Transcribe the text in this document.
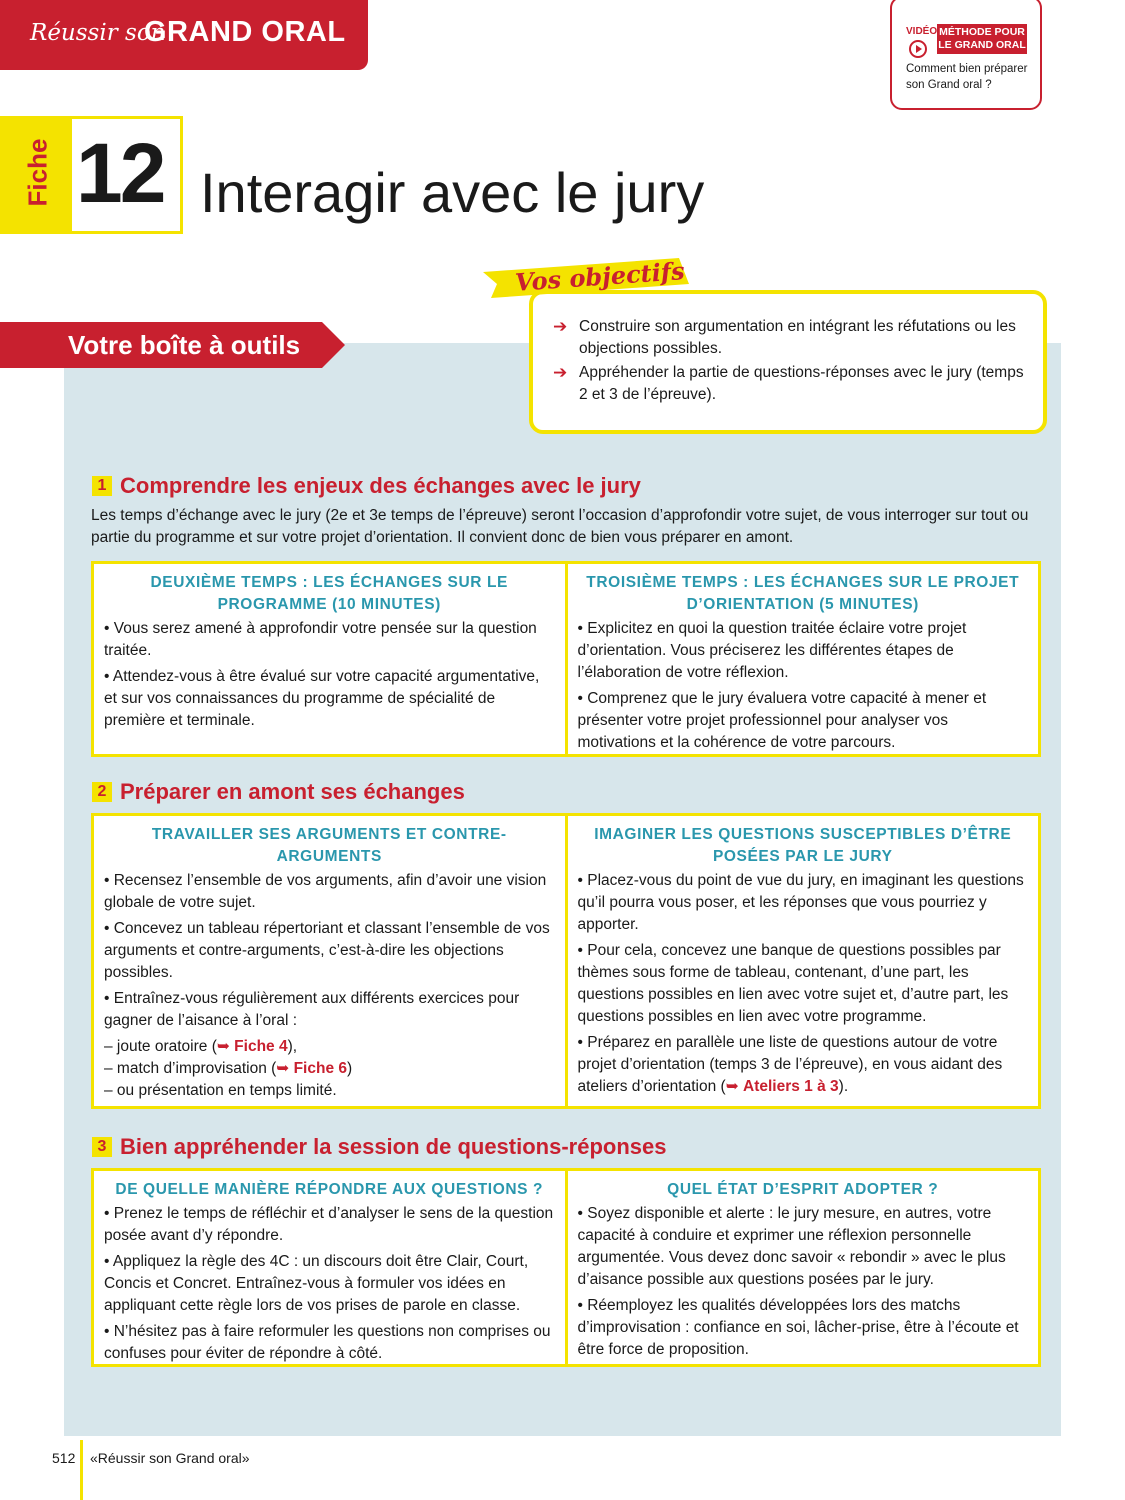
Réussir son
GRAND ORAL	VIDÉO MÉTHODE POUR LE GRAND ORAL
Comment bien préparer son Grand oral ?
Fiche 12 Interagir avec le jury
Votre boîte à outils
➔ Construire son argumentation en intégrant les réfutations ou les objections possibles.
➔ Appréhender la partie de questions-réponses avec le jury (temps 2 et 3 de l’épreuve).
Vos objectifs
1 Comprendre les enjeux des échanges avec le jury
Les temps d’échange avec le jury (2e et 3e temps de l’épreuve) seront l’occasion d’approfondir votre sujet, de vous interroger sur tout ou partie du programme et sur votre projet d’orientation. Il convient donc de bien vous préparer en amont.
DEUXIÈME TEMPS : LES ÉCHANGES SUR LE PROGRAMME (10 MINUTES)
• Vous serez amené à approfondir votre pensée sur la question traitée.
• Attendez-vous à être évalué sur votre capacité argumentative, et sur vos connaissances du programme de spécialité de première et terminale.
TROISIÈME TEMPS : LES ÉCHANGES SUR LE PROJET D’ORIENTATION (5 MINUTES)
• Explicitez en quoi la question traitée éclaire votre projet d’orientation. Vous préciserez les différentes étapes de l’élaboration de votre réflexion.
• Comprenez que le jury évaluera votre capacité à mener et présenter votre projet professionnel pour analyser vos motivations et la cohérence de votre parcours.
2 Préparer en amont ses échanges
TRAVAILLER SES ARGUMENTS ET CONTRE-ARGUMENTS
• Recensez l’ensemble de vos arguments, afin d’avoir une vision globale de votre sujet.
• Concevez un tableau répertoriant et classant l’ensemble de vos arguments et contre-arguments, c’est-à-dire les objections possibles.
• Entraînez-vous régulièrement aux différents exercices pour gagner de l’aisance à l’oral :
– joute oratoire (➥ Fiche 4),
– match d’improvisation (➥ Fiche 6)
– ou présentation en temps limité.
IMAGINER LES QUESTIONS SUSCEPTIBLES D’ÊTRE POSÉES PAR LE JURY
• Placez-vous du point de vue du jury, en imaginant les questions qu’il pourra vous poser, et les réponses que vous pourriez y apporter.
• Pour cela, concevez une banque de questions possibles par thèmes sous forme de tableau, contenant, d’une part, les questions possibles en lien avec votre sujet et, d’autre part, les questions possibles en lien avec votre programme.
• Préparez en parallèle une liste de questions autour de votre projet d’orientation (temps 3 de l’épreuve), en vous aidant des ateliers d’orientation (➥ Ateliers 1 à 3).
3 Bien appréhender la session de questions-réponses
DE QUELLE MANIÈRE RÉPONDRE AUX QUESTIONS ?
• Prenez le temps de réfléchir et d’analyser le sens de la question posée avant d’y répondre.
• Appliquez la règle des 4C : un discours doit être Clair, Court, Concis et Concret. Entraînez-vous à formuler vos idées en appliquant cette règle lors de vos prises de parole en classe.
• N’hésitez pas à faire reformuler les questions non comprises ou confuses pour éviter de répondre à côté.
QUEL ÉTAT D’ESPRIT ADOPTER ?
• Soyez disponible et alerte : le jury mesure, en autres, votre capacité à conduire et exprimer une réflexion personnelle argumentée. Vous devez donc savoir « rebondir » avec le plus d’aisance possible aux questions posées par le jury.
• Réemployez les qualités développées lors des matchs d’improvisation : confiance en soi, lâcher-prise, être à l’écoute et être force de proposition.
512 «Réussir son Grand oral»
